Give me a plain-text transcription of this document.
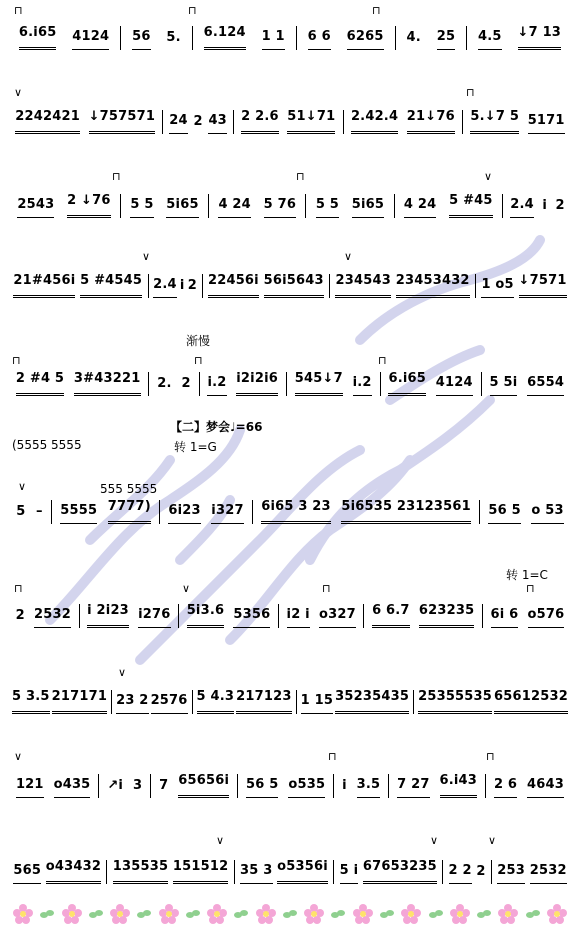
渐慢
【二】梦会♩=66
转 1=G
转 1=C
(5555 5555
555 5555
6.i65 4124 56 5. 6.124 1 1 6 6 6265 4. 25 4.5 ↓7 13
2242421 ↓757571 24 2 43 2 2.6 51↓71 2.42.4 21↓76 5.↓7 5 5171
2543 2 ↓76 5 5 5i65 4 24 5 76 5 5 5i65 4 24 5 #45 2.4 i 2
21#456i 5 #4545 2.4 i 2 22456i 56i5643 234543 23453432 1 o5 ↓7571
2 #4 5 3#43221 2. 2 i.2 i2i2i6 545↓7 i.2 6.i65 4124 5 5i 6554
5 – 5555 7777) 6i23 i327 6i65 3 23 5i6535 23123561 56 5 o 53
2 2532 i 2i23 i276 5i3.6 5356 i2 i o327 6 6.7 623235 6i 6 o576
5 3.5 217171 23 2 2576 5 4.3 217123 1 15 35235435 25355535 65612532
121 o435 ↗i 3 7 65656i 56 5 o535 i 3.5 7 27 6.i43 2 6 4643
565 o43432 135535 151512 35 3 o5356i 5 i 67653235 2 2 2 253 2532
⊓	⊓	⊓
∨	⊓
⊓	⊓	∨
∨	∨
⊓	⊓	⊓
∨
⊓	∨	⊓	⊓
∨
∨	⊓	⊓
∨	∨	∨
